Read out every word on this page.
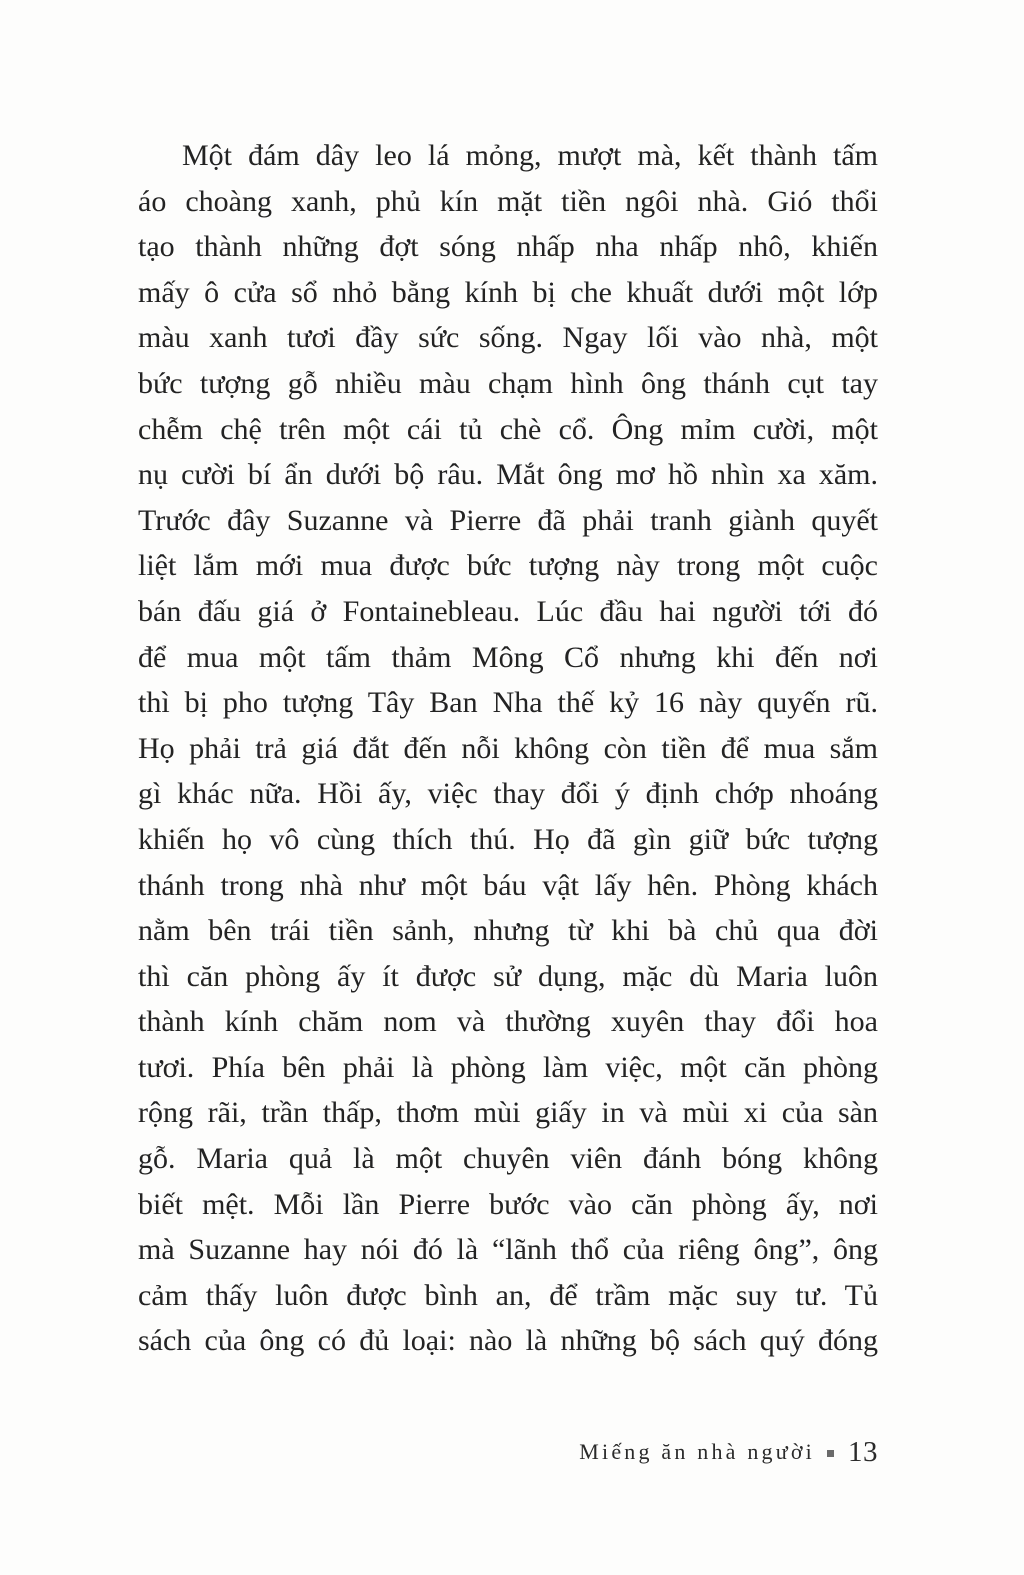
Một đám dây leo lá mỏng, mượt mà, kết thành tấm
áo choàng xanh, phủ kín mặt tiền ngôi nhà. Gió thổi
tạo thành những đợt sóng nhấp nha nhấp nhô, khiến
mấy ô cửa sổ nhỏ bằng kính bị che khuất dưới một lớp
màu xanh tươi đầy sức sống. Ngay lối vào nhà, một
bức tượng gỗ nhiều màu chạm hình ông thánh cụt tay
chễm chệ trên một cái tủ chè cổ. Ông mỉm cười, một
nụ cười bí ẩn dưới bộ râu. Mắt ông mơ hồ nhìn xa xăm.
Trước đây Suzanne và Pierre đã phải tranh giành quyết
liệt lắm mới mua được bức tượng này trong một cuộc
bán đấu giá ở Fontainebleau. Lúc đầu hai người tới đó
để mua một tấm thảm Mông Cổ nhưng khi đến nơi
thì bị pho tượng Tây Ban Nha thế kỷ 16 này quyến rũ.
Họ phải trả giá đắt đến nỗi không còn tiền để mua sắm
gì khác nữa. Hồi ấy, việc thay đổi ý định chớp nhoáng
khiến họ vô cùng thích thú. Họ đã gìn giữ bức tượng
thánh trong nhà như một báu vật lấy hên. Phòng khách
nằm bên trái tiền sảnh, nhưng từ khi bà chủ qua đời
thì căn phòng ấy ít được sử dụng, mặc dù Maria luôn
thành kính chăm nom và thường xuyên thay đổi hoa
tươi. Phía bên phải là phòng làm việc, một căn phòng
rộng rãi, trần thấp, thơm mùi giấy in và mùi xi của sàn
gỗ. Maria quả là một chuyên viên đánh bóng không
biết mệt. Mỗi lần Pierre bước vào căn phòng ấy, nơi
mà Suzanne hay nói đó là “lãnh thổ của riêng ông”, ông
cảm thấy luôn được bình an, để trầm mặc suy tư. Tủ
sách của ông có đủ loại: nào là những bộ sách quý đóng
Miếng ăn nhà người 13
